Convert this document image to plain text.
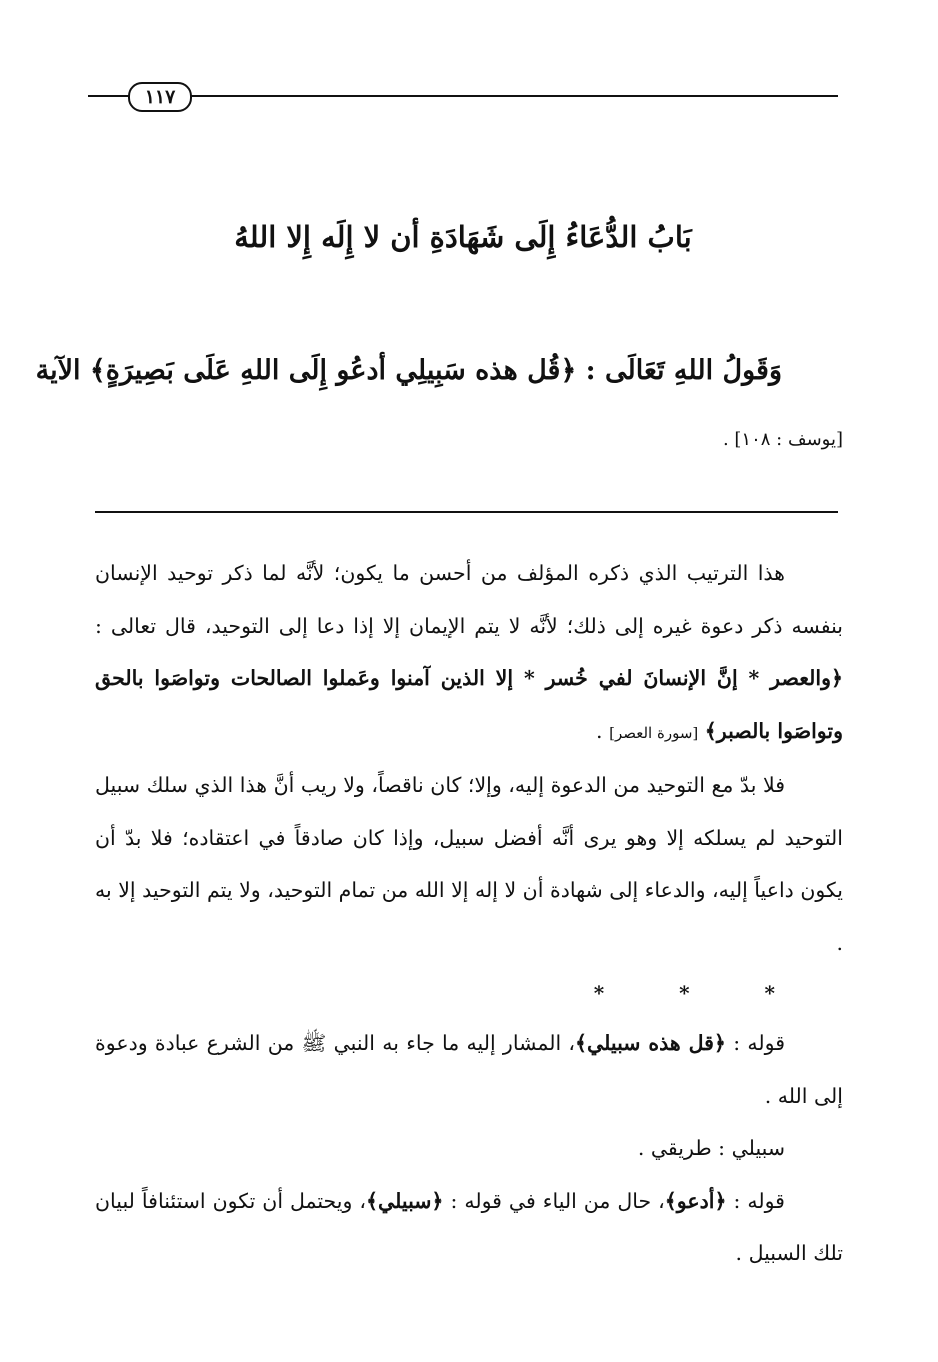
١١٧
بَابُ الدُّعَاءُ إِلَى شَهَادَةِ أن لا إِلَه إِلا اللهُ
وَقَولُ اللهِ تَعَالَى : ﴿قُل هذه سَبِيلِي أدعُو إِلَى اللهِ عَلَى بَصِيرَةٍ﴾ الآية
[يوسف : ١٠٨] .

هذا الترتيب الذي ذكره المؤلف من أحسن ما يكون؛ لأنَّه لما ذكر توحيد الإنسان بنفسه ذكر دعوة غيره إلى ذلك؛ لأنَّه لا يتم الإيمان إلا إذا دعا إلى التوحيد، قال تعالى : ﴿والعصر * إنَّ الإنسانَ لفي خُسر * إلا الذين آمنوا وعَملوا الصالحات وتواصَوا بالحق وتواصَوا بالصبر﴾ [سورة العصر] .

فلا بدّ مع التوحيد من الدعوة إليه، وإلا؛ كان ناقصاً، ولا ريب أنَّ هذا الذي سلك سبيل التوحيد لم يسلكه إلا وهو يرى أنَّه أفضل سبيل، وإذا كان صادقاً في اعتقاده؛ فلا بدّ أن يكون داعياً إليه، والدعاء إلى شهادة أن لا إله إلا الله من تمام التوحيد، ولا يتم التوحيد إلا به .

* * *

قوله : ﴿قل هذه سبيلي﴾، المشار إليه ما جاء به النبي ﷺ من الشرع عبادة ودعوة إلى الله .

سبيلي : طريقي .

قوله : ﴿أدعو﴾، حال من الياء في قوله : ﴿سبيلي﴾، ويحتمل أن تكون استئنافاً لبيان تلك السبيل .
